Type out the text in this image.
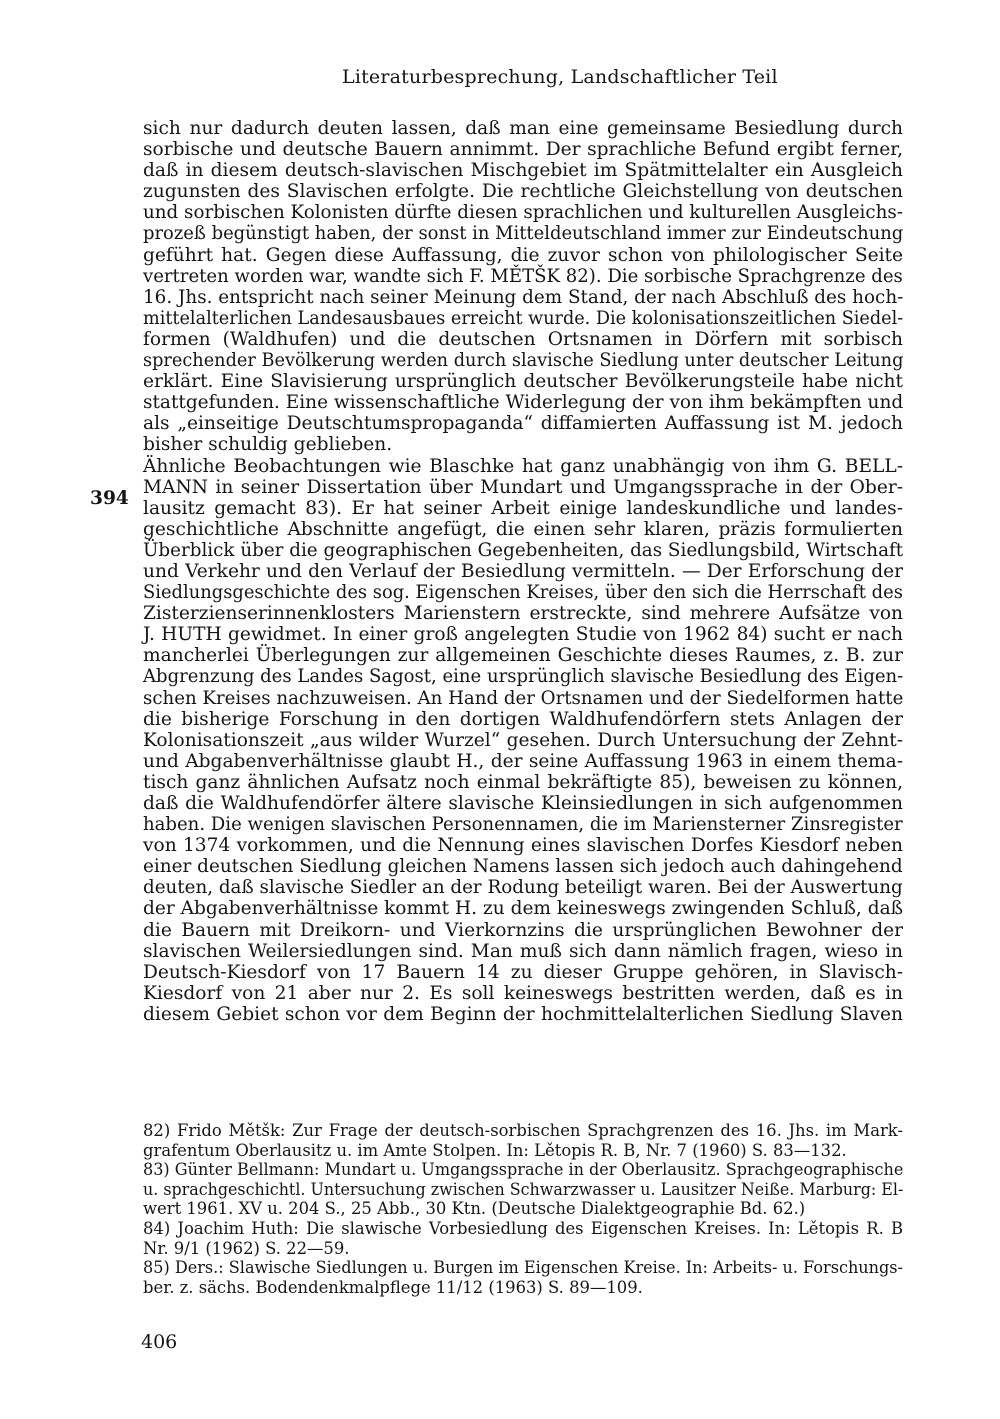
Literaturbesprechung, Landschaftlicher Teil
394
sich nur dadurch deuten lassen, daß man eine gemeinsame Besiedlung durch
sorbische und deutsche Bauern annimmt. Der sprachliche Befund ergibt ferner,
daß in diesem deutsch-slavischen Mischgebiet im Spätmittelalter ein Ausgleich
zugunsten des Slavischen erfolgte. Die rechtliche Gleichstellung von deutschen
und sorbischen Kolonisten dürfte diesen sprachlichen und kulturellen Ausgleichs-
prozeß begünstigt haben, der sonst in Mitteldeutschland immer zur Eindeutschung
geführt hat. Gegen diese Auffassung, die zuvor schon von philologischer Seite
vertreten worden war, wandte sich F. MĚTŠK 82). Die sorbische Sprachgrenze des
16. Jhs. entspricht nach seiner Meinung dem Stand, der nach Abschluß des hoch-
mittelalterlichen Landesausbaues erreicht wurde. Die kolonisationszeitlichen Siedel-
formen (Waldhufen) und die deutschen Ortsnamen in Dörfern mit sorbisch
sprechender Bevölkerung werden durch slavische Siedlung unter deutscher Leitung
erklärt. Eine Slavisierung ursprünglich deutscher Bevölkerungsteile habe nicht
stattgefunden. Eine wissenschaftliche Widerlegung der von ihm bekämpften und
als „einseitige Deutschtumspropaganda“ diffamierten Auffassung ist M. jedoch
bisher schuldig geblieben.
Ähnliche Beobachtungen wie Blaschke hat ganz unabhängig von ihm G. BELL-
MANN in seiner Dissertation über Mundart und Umgangssprache in der Ober-
lausitz gemacht 83). Er hat seiner Arbeit einige landeskundliche und landes-
geschichtliche Abschnitte angefügt, die einen sehr klaren, präzis formulierten
Überblick über die geographischen Gegebenheiten, das Siedlungsbild, Wirtschaft
und Verkehr und den Verlauf der Besiedlung vermitteln. — Der Erforschung der
Siedlungsgeschichte des sog. Eigenschen Kreises, über den sich die Herrschaft des
Zisterzienserinnenklosters Marienstern erstreckte, sind mehrere Aufsätze von
J. HUTH gewidmet. In einer groß angelegten Studie von 1962 84) sucht er nach
mancherlei Überlegungen zur allgemeinen Geschichte dieses Raumes, z. B. zur
Abgrenzung des Landes Sagost, eine ursprünglich slavische Besiedlung des Eigen-
schen Kreises nachzuweisen. An Hand der Ortsnamen und der Siedelformen hatte
die bisherige Forschung in den dortigen Waldhufendörfern stets Anlagen der
Kolonisationszeit „aus wilder Wurzel“ gesehen. Durch Untersuchung der Zehnt-
und Abgabenverhältnisse glaubt H., der seine Auffassung 1963 in einem thema-
tisch ganz ähnlichen Aufsatz noch einmal bekräftigte 85), beweisen zu können,
daß die Waldhufendörfer ältere slavische Kleinsiedlungen in sich aufgenommen
haben. Die wenigen slavischen Personennamen, die im Mariensterner Zinsregister
von 1374 vorkommen, und die Nennung eines slavischen Dorfes Kiesdorf neben
einer deutschen Siedlung gleichen Namens lassen sich jedoch auch dahingehend
deuten, daß slavische Siedler an der Rodung beteiligt waren. Bei der Auswertung
der Abgabenverhältnisse kommt H. zu dem keineswegs zwingenden Schluß, daß
die Bauern mit Dreikorn- und Vierkornzins die ursprünglichen Bewohner der
slavischen Weilersiedlungen sind. Man muß sich dann nämlich fragen, wieso in
Deutsch-Kiesdorf von 17 Bauern 14 zu dieser Gruppe gehören, in Slavisch-
Kiesdorf von 21 aber nur 2. Es soll keineswegs bestritten werden, daß es in
diesem Gebiet schon vor dem Beginn der hochmittelalterlichen Siedlung Slaven
82) Frido Mětšk: Zur Frage der deutsch-sorbischen Sprachgrenzen des 16. Jhs. im Mark-
grafentum Oberlausitz u. im Amte Stolpen. In: Lětopis R. B, Nr. 7 (1960) S. 83—132.
83) Günter Bellmann: Mundart u. Umgangssprache in der Oberlausitz. Sprachgeographische
u. sprachgeschichtl. Untersuchung zwischen Schwarzwasser u. Lausitzer Neiße. Marburg: El-
wert 1961. XV u. 204 S., 25 Abb., 30 Ktn. (Deutsche Dialektgeographie Bd. 62.)
84) Joachim Huth: Die slawische Vorbesiedlung des Eigenschen Kreises. In: Lětopis R. B
Nr. 9/1 (1962) S. 22—59.
85) Ders.: Slawische Siedlungen u. Burgen im Eigenschen Kreise. In: Arbeits- u. Forschungs-
ber. z. sächs. Bodendenkmalpflege 11/12 (1963) S. 89—109.
406
